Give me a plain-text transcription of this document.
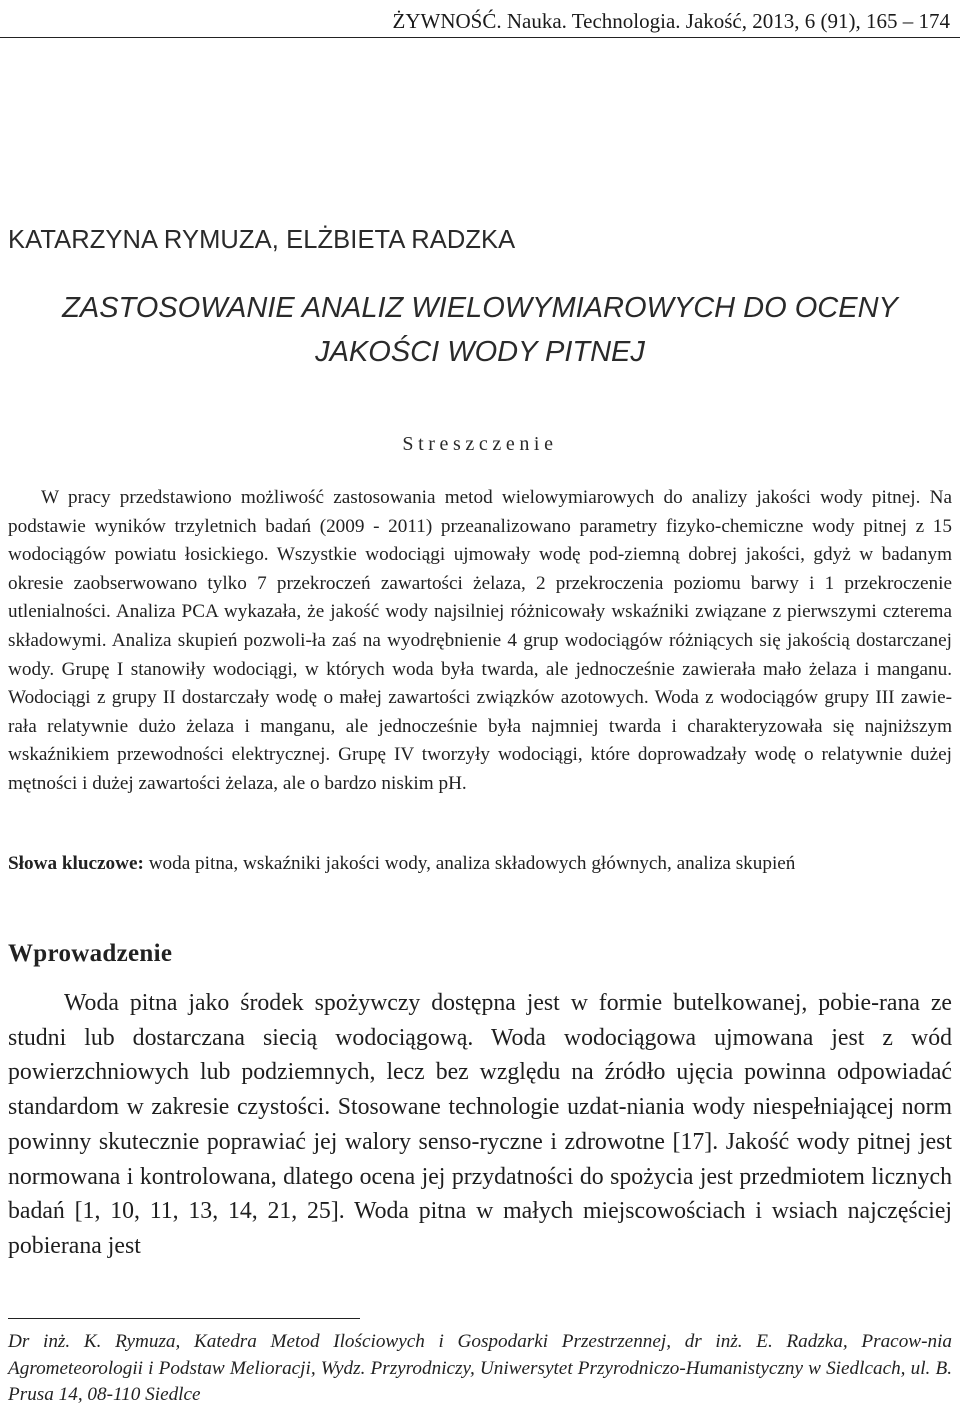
ŻYWNOŚĆ. Nauka. Technologia. Jakość, 2013, 6 (91), 165 – 174
KATARZYNA RYMUZA, ELŻBIETA RADZKA
ZASTOSOWANIE ANALIZ WIELOWYMIAROWYCH DO OCENY
JAKOŚCI WODY PITNEJ
Streszczenie

W pracy przedstawiono możliwość zastosowania metod wielowymiarowych do analizy jakości wody pitnej. Na podstawie wyników trzyletnich badań (2009 - 2011) przeanalizowano parametry fizyko-chemiczne wody pitnej z 15 wodociągów powiatu łosickiego. Wszystkie wodociągi ujmowały wodę pod-ziemną dobrej jakości, gdyż w badanym okresie zaobserwowano tylko 7 przekroczeń zawartości żelaza, 2 przekroczenia poziomu barwy i 1 przekroczenie utlenialności. Analiza PCA wykazała, że jakość wody najsilniej różnicowały wskaźniki związane z pierwszymi czterema składowymi. Analiza skupień pozwoli-ła zaś na wyodrębnienie 4 grup wodociągów różniących się jakością dostarczanej wody. Grupę I stanowiły wodociągi, w których woda była twarda, ale jednocześnie zawierała mało żelaza i manganu. Wodociągi z grupy II dostarczały wodę o małej zawartości związków azotowych. Woda z wodociągów grupy III zawie-rała relatywnie dużo żelaza i manganu, ale jednocześnie była najmniej twarda i charakteryzowała się najniższym wskaźnikiem przewodności elektrycznej. Grupę IV tworzyły wodociągi, które doprowadzały wodę o relatywnie dużej mętności i dużej zawartości żelaza, ale o bardzo niskim pH.

Słowa kluczowe: woda pitna, wskaźniki jakości wody, analiza składowych głównych, analiza skupień
Wprowadzenie

Woda pitna jako środek spożywczy dostępna jest w formie butelkowanej, pobie-rana ze studni lub dostarczana siecią wodociągową. Woda wodociągowa ujmowana jest z wód powierzchniowych lub podziemnych, lecz bez względu na źródło ujęcia powinna odpowiadać standardom w zakresie czystości. Stosowane technologie uzdat-niania wody niespełniającej norm powinny skutecznie poprawiać jej walory senso-ryczne i zdrowotne [17]. Jakość wody pitnej jest normowana i kontrolowana, dlatego ocena jej przydatności do spożycia jest przedmiotem licznych badań [1, 10, 11, 13, 14, 21, 25]. Woda pitna w małych miejscowościach i wsiach najczęściej pobierana jest

Dr inż. K. Rymuza, Katedra Metod Ilościowych i Gospodarki Przestrzennej, dr inż. E. Radzka, Pracow-nia Agrometeorologii i Podstaw Melioracji, Wydz. Przyrodniczy, Uniwersytet Przyrodniczo-Humanistyczny w Siedlcach, ul. B. Prusa 14, 08-110 Siedlce
